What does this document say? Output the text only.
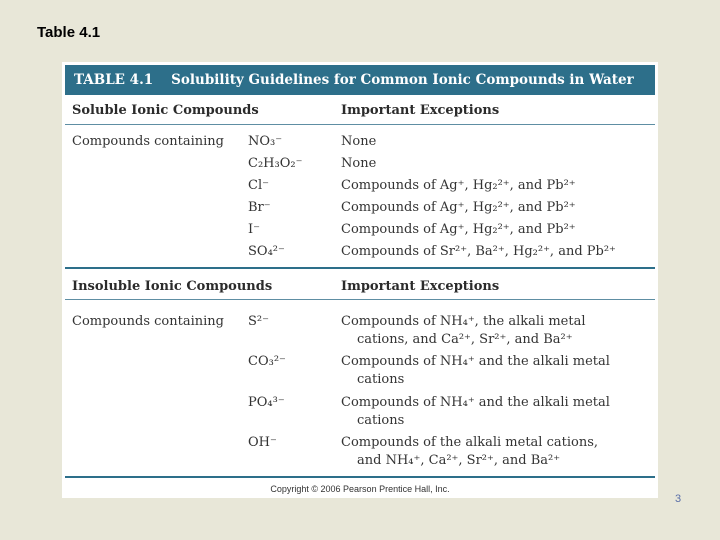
Table 4.1
TABLE 4.1 Solubility Guidelines for Common Ionic Compounds in Water
Soluble Ionic Compounds	Important Exceptions
Compounds containing NO₃⁻	None
C₂H₃O₂⁻	None
Cl⁻	Compounds of Ag⁺, Hg₂²⁺, and Pb²⁺
Br⁻	Compounds of Ag⁺, Hg₂²⁺, and Pb²⁺
I⁻	Compounds of Ag⁺, Hg₂²⁺, and Pb²⁺
SO₄²⁻	Compounds of Sr²⁺, Ba²⁺, Hg₂²⁺, and Pb²⁺
Insoluble Ionic Compounds	Important Exceptions
Compounds containing S²⁻	Compounds of NH₄⁺, the alkali metal
cations, and Ca²⁺, Sr²⁺, and Ba²⁺
CO₃²⁻	Compounds of NH₄⁺ and the alkali metal
cations
PO₄³⁻	Compounds of NH₄⁺ and the alkali metal
cations
OH⁻	Compounds of the alkali metal cations,
and NH₄⁺, Ca²⁺, Sr²⁺, and Ba²⁺
Copyright © 2006 Pearson Prentice Hall, Inc.
3
